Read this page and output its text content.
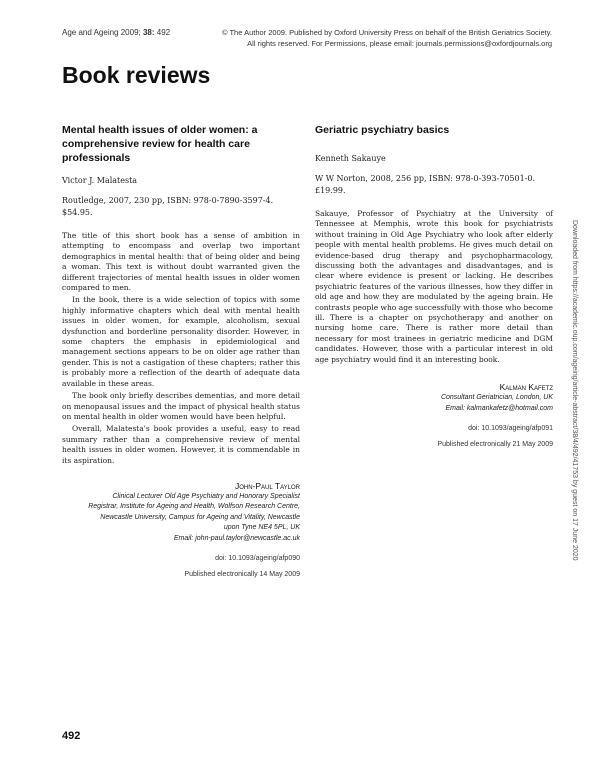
Age and Ageing 2009; 38: 492	© The Author 2009. Published by Oxford University Press on behalf of the British Geriatrics Society.
All rights reserved. For Permissions, please email: journals.permissions@oxfordjournals.org
Book reviews
Mental health issues of older women: a comprehensive review for health care professionals

Victor J. Malatesta

Routledge, 2007, 230 pp, ISBN: 978-0-7890-3597-4. $54.95.

The title of this short book has a sense of ambition in attempting to encompass and overlap two important demographics in mental health: that of being older and being a woman. This text is without doubt warranted given the different trajectories of mental health issues in older women compared to men.

In the book, there is a wide selection of topics with some highly informative chapters which deal with mental health issues in older women, for example, alcoholism, sexual dysfunction and borderline personality disorder. However, in some chapters the emphasis in epidemiological and management sections appears to be on older age rather than gender. This is not a castigation of these chapters; rather this is probably more a reflection of the dearth of adequate data available in these areas.

The book only briefly describes dementias, and more detail on menopausal issues and the impact of physical health status on mental health in older women would have been helpful.

Overall, Malatesta's book provides a useful, easy to read summary rather than a comprehensive review of mental health issues in older women. However, it is commendable in its aspiration.

John-Paul Taylor
Clinical Lecturer Old Age Psychiatry and Honorary Specialist
Registrar, Institute for Ageing and Health, Wolfson Research Centre,
Newcastle University, Campus for Ageing and Vitality, Newcastle
upon Tyne NE4 5PL, UK
Email: john-paul.taylor@newcastle.ac.uk
doi: 10.1093/ageing/afp090
Published electronically 14 May 2009
Geriatric psychiatry basics

Kenneth Sakauye

W W Norton, 2008, 256 pp, ISBN: 978-0-393-70501-0. £19.99.

Sakauye, Professor of Psychiatry at the University of Tennessee at Memphis, wrote this book for psychiatrists without training in Old Age Psychiatry who look after elderly people with mental health problems. He gives much detail on evidence-based drug therapy and psychopharmacology, discussing both the advantages and disadvantages, and is clear where evidence is present or lacking. He describes psychiatric features of the various illnesses, how they differ in old age and how they are modulated by the ageing brain. He contrasts people who age successfully with those who become ill. There is a chapter on psychotherapy and another on nursing home care. There is rather more detail than necessary for most trainees in geriatric medicine and DGM candidates. However, those with a particular interest in old age psychiatry would find it an interesting book.

Kalman Kafetz
Consultant Geriatrician, London, UK
Email: kalmankafetz@hotmail.com
doi: 10.1093/ageing/afp091
Published electronically 21 May 2009
492
Downloaded from https://academic.oup.com/ageing/article-abstract/38/4/492/41753 by guest on 17 June 2020
